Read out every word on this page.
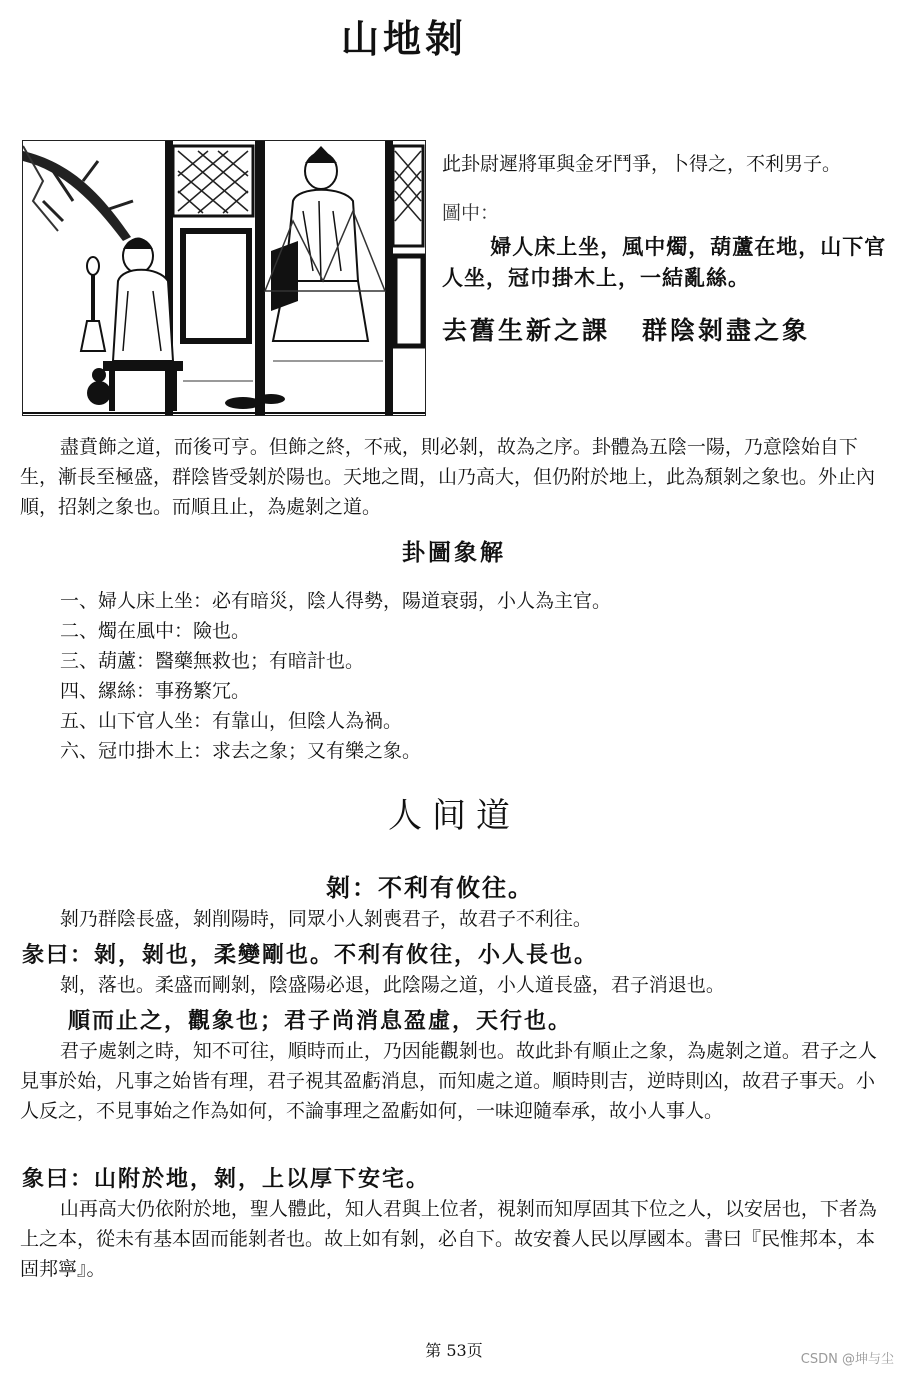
山地剝

此卦尉遲將軍與金牙鬥爭，卜得之，不利男子。

圖中：

婦人床上坐，風中燭，葫蘆在地，山下官人坐，冠巾掛木上，一結亂絲。

去舊生新之課 群陰剝盡之象

盡賁飾之道，而後可亨。但飾之終，不戒，則必剝，故為之序。卦體為五陰一陽，乃意陰始自下生，漸長至極盛，群陰皆受剝於陽也。天地之間，山乃高大，但仍附於地上，此為頹剝之象也。外止內順，招剝之象也。而順且止，為處剝之道。

卦圖象解
一、婦人床上坐：必有暗災，陰人得勢，陽道衰弱，小人為主官。
二、燭在風中：險也。
三、葫蘆：醫藥無救也；有暗計也。
四、縲絲：事務繁冗。
五、山下官人坐：有靠山，但陰人為禍。
六、冠巾掛木上：求去之象；又有樂之象。
人间道
剝：不利有攸往。

剝乃群陰長盛，剝削陽時，同眾小人剝喪君子，故君子不利往。

彖曰：剝，剝也，柔變剛也。不利有攸往，小人長也。

剝，落也。柔盛而剛剝，陰盛陽必退，此陰陽之道，小人道長盛，君子消退也。

順而止之，觀象也；君子尚消息盈虛，天行也。

君子處剝之時，知不可往，順時而止，乃因能觀剝也。故此卦有順止之象，為處剝之道。君子之人見事於始，凡事之始皆有理，君子視其盈虧消息，而知處之道。順時則吉，逆時則凶，故君子事天。小人反之，不見事始之作為如何，不論事理之盈虧如何，一味迎隨奉承，故小人事人。

象曰：山附於地，剝，上以厚下安宅。

山再高大仍依附於地，聖人體此，知人君與上位者，視剝而知厚固其下位之人，以安居也，下者為上之本，從未有基本固而能剝者也。故上如有剝，必自下。故安養人民以厚國本。書曰『民惟邦本，本固邦寧』。

第 53页	CSDN @坤与尘
